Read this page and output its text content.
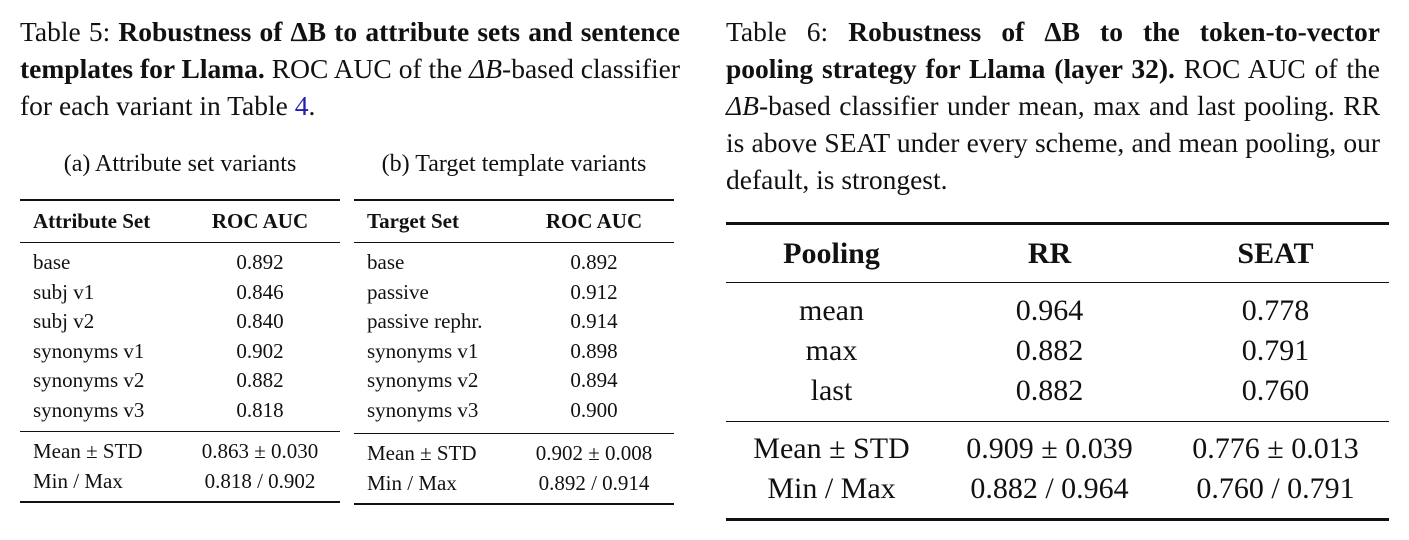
Table 5: Robustness of ΔB to attribute sets and sentence templates for Llama. ROC AUC of the ΔB-based classifier for each variant in Table 4.
(a) Attribute set variants
Attribute Set	ROC AUC
base	0.892
subj v1	0.846
subj v2	0.840
synonyms v1	0.902
synonyms v2	0.882
synonyms v3	0.818
Mean ± STD	0.863 ± 0.030
Min / Max	0.818 / 0.902
(b) Target template variants
Target Set	ROC AUC
base	0.892
passive	0.912
passive rephr.	0.914
synonyms v1	0.898
synonyms v2	0.894
synonyms v3	0.900
Mean ± STD	0.902 ± 0.008
Min / Max	0.892 / 0.914
Table 6: Robustness of ΔB to the token-to-vector pooling strategy for Llama (layer 32). ROC AUC of the ΔB-based classifier under mean, max and last pooling. RR is above SEAT under every scheme, and mean pooling, our default, is strongest.
Pooling	RR	SEAT
mean	0.964	0.778
max	0.882	0.791
last	0.882	0.760
Mean ± STD	0.909 ± 0.039	0.776 ± 0.013
Min / Max	0.882 / 0.964	0.760 / 0.791
